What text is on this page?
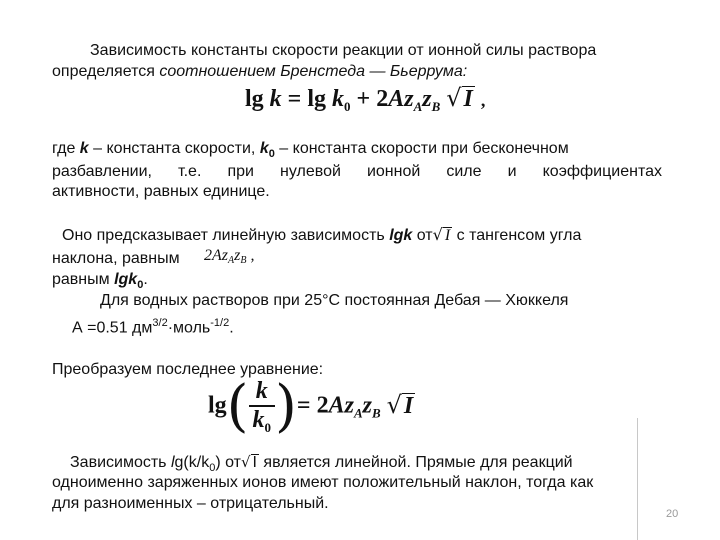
Зависимость константы скорости реакции от ионной силы раствора
определяется соотношением Бренстеда — Бьеррума:
$\lg k = \lg k_0 + 2Az_Az_B$ √I ,
где k – константа скорости, $k_0$ – константа скорости при бесконечном
разбавлении, т.е. при нулевой ионной силе и коэффициентах
активности, равных единице.
Оно предсказывает линейную зависимость lgk от√ I с тангенсом угла
наклона, равным $2Az_Az_B$ ,
равным lgk$_0$.
Для водных растворов при 25°С постоянная Дебая — Хюккеля
А =0.51 $дм^{3/2}\cdot моль^{-1/2}$.
Преобразуем последнее уравнение:
$\lg( \frac{k}{k_0}$ )= $2Az_Az_B$ √I
Зависимость $\lg(k/k_0)$ от√ I является линейной. Прямые для реакций
одноименно заряженных ионов имеют положительный наклон, тогда как
для разноименных – отрицательный.
20
